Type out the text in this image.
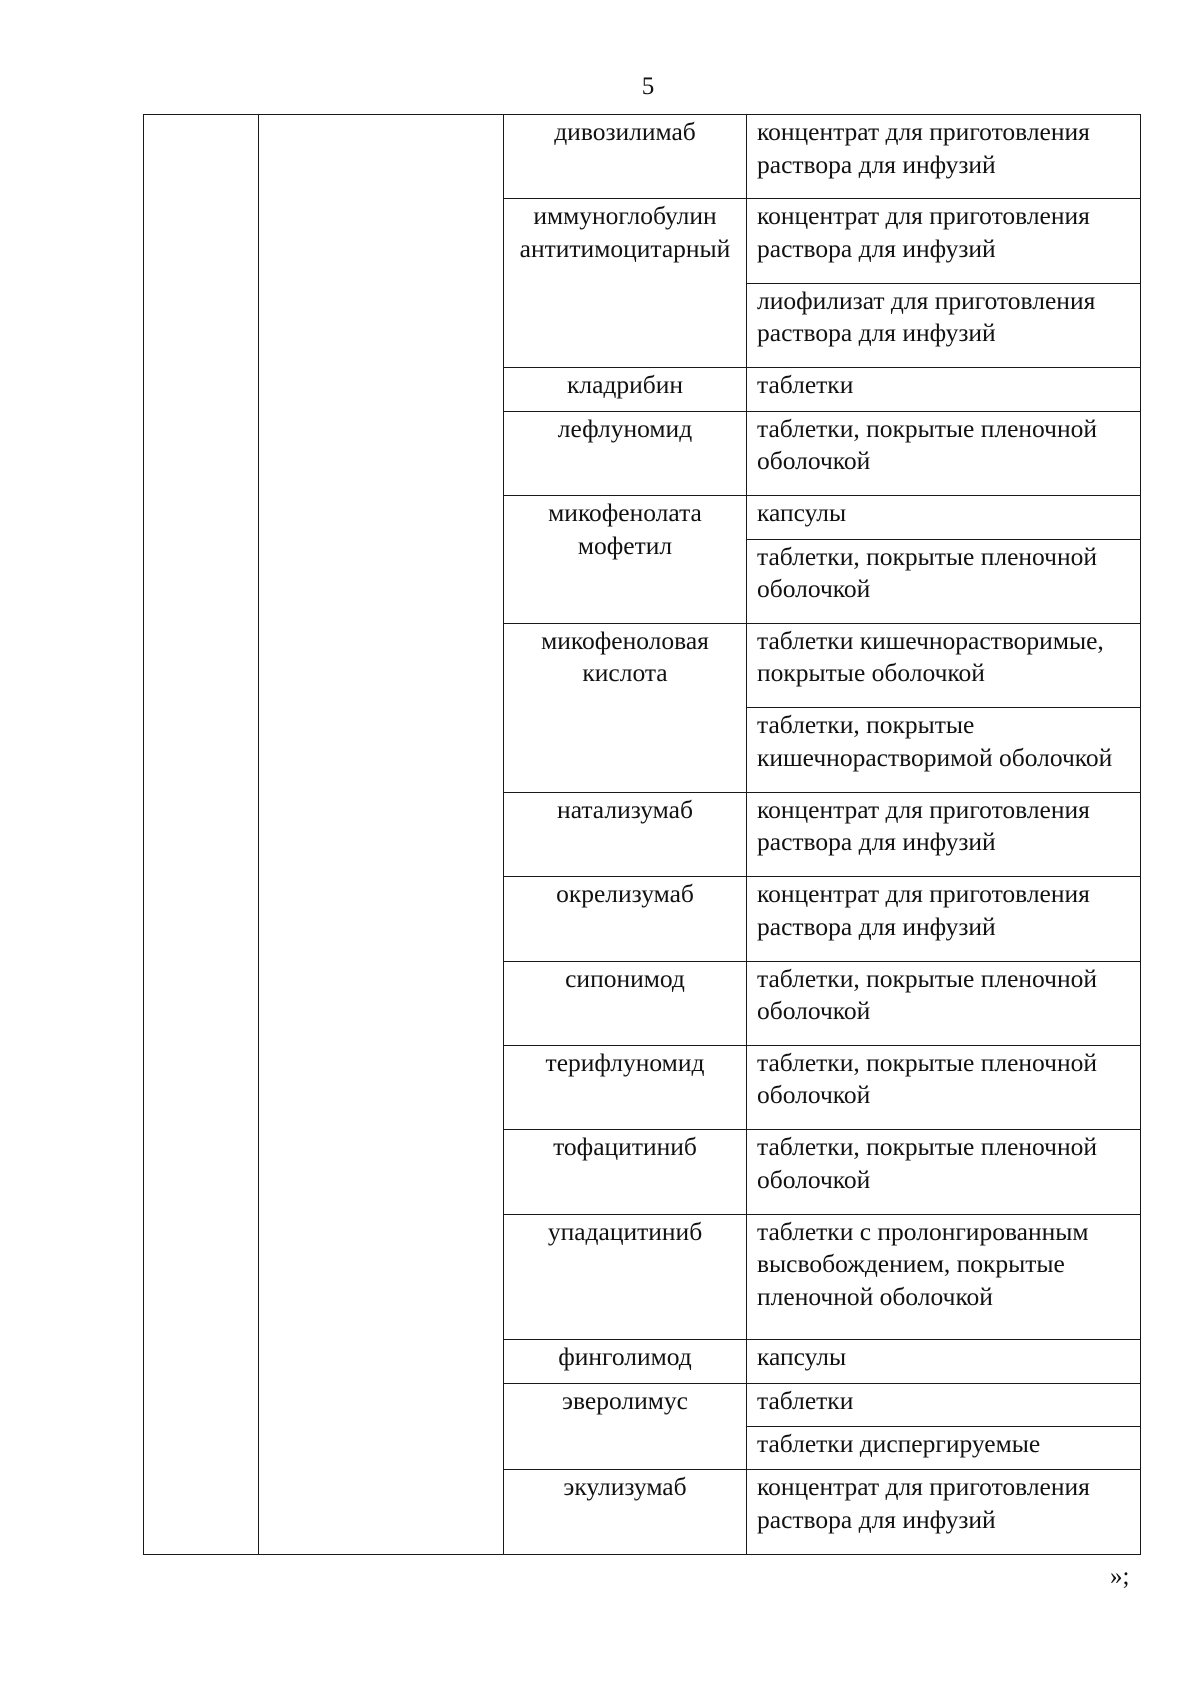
5
		дивозилимаб	концентрат для приготовления раствора для инфузий
		иммуноглобулин антитимоцитарный	концентрат для приготовления раствора для инфузий
			лиофилизат для приготовления раствора для инфузий
		кладрибин	таблетки
		лефлуномид	таблетки, покрытые пленочной оболочкой
		микофенолата мофетил	капсулы
			таблетки, покрытые пленочной оболочкой
		микофеноловая кислота	таблетки кишечнорастворимые, покрытые оболочкой
			таблетки, покрытые кишечнорастворимой оболочкой
		натализумаб	концентрат для приготовления раствора для инфузий
		окрелизумаб	концентрат для приготовления раствора для инфузий
		сипонимод	таблетки, покрытые пленочной оболочкой
		терифлуномид	таблетки, покрытые пленочной оболочкой
		тофацитиниб	таблетки, покрытые пленочной оболочкой
		упадацитиниб	таблетки с пролонгированным высвобождением, покрытые пленочной оболочкой
		финголимод	капсулы
		эверолимус	таблетки
			таблетки диспергируемые
		экулизумаб	концентрат для приготовления раствора для инфузий
»;
